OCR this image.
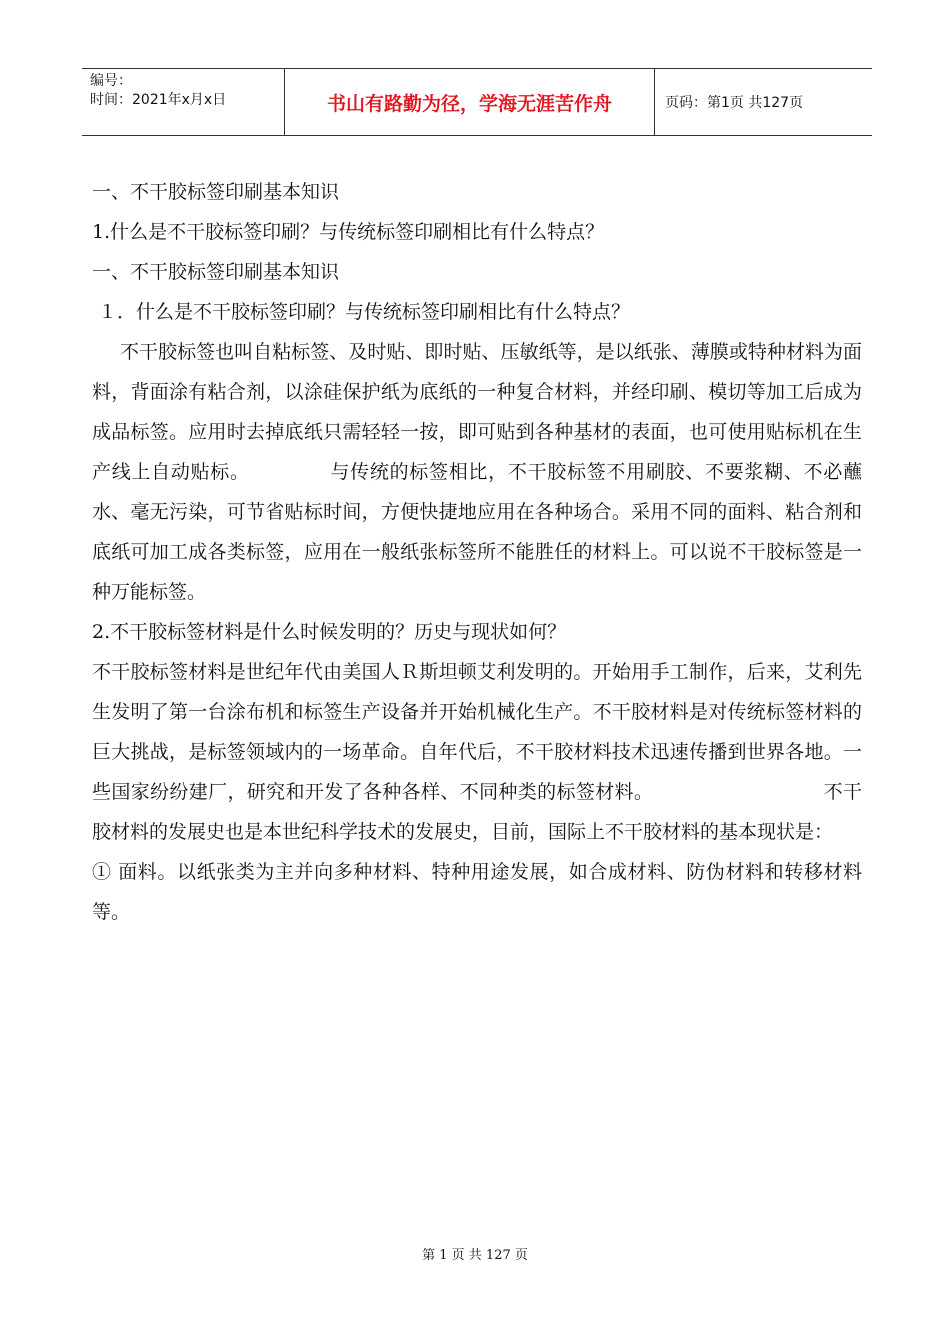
编号：
时间：2021年x月x日	书山有路勤为径，学海无涯苦作舟	页码：第1页 共127页

一、不干胶标签印刷基本知识

1.什么是不干胶标签印刷？与传统标签印刷相比有什么特点？

一、不干胶标签印刷基本知识

１．什么是不干胶标签印刷？与传统标签印刷相比有什么特点？

不干胶标签也叫自粘标签、及时贴、即时贴、压敏纸等，是以纸张、薄膜或特种材料为面料，背面涂有粘合剂，以涂硅保护纸为底纸的一种复合材料，并经印刷、模切等加工后成为成品标签。应用时去掉底纸只需轻轻一按，即可贴到各种基材的表面，也可使用贴标机在生产线上自动贴标。	与传统的标签相比，不干胶标签不用刷胶、不要浆糊、不必蘸水、毫无污染，可节省贴标时间，方便快捷地应用在各种场合。采用不同的面料、粘合剂和底纸可加工成各类标签，应用在一般纸张标签所不能胜任的材料上。可以说不干胶标签是一种万能标签。

2.不干胶标签材料是什么时候发明的？历史与现状如何？

不干胶标签材料是世纪年代由美国人Ｒ斯坦顿艾利发明的。开始用手工制作，后来，艾利先生发明了第一台涂布机和标签生产设备并开始机械化生产。不干胶材料是对传统标签材料的巨大挑战，是标签领域内的一场革命。自年代后，不干胶材料技术迅速传播到世界各地。一些国家纷纷建厂，研究和开发了各种各样、不同种类的标签材料。	不干胶材料的发展史也是本世纪科学技术的发展史，目前，国际上不干胶材料的基本现状是：

① 面料。以纸张类为主并向多种材料、特种用途发展，如合成材料、防伪材料和转移材料等。

第 1 页 共 127 页
